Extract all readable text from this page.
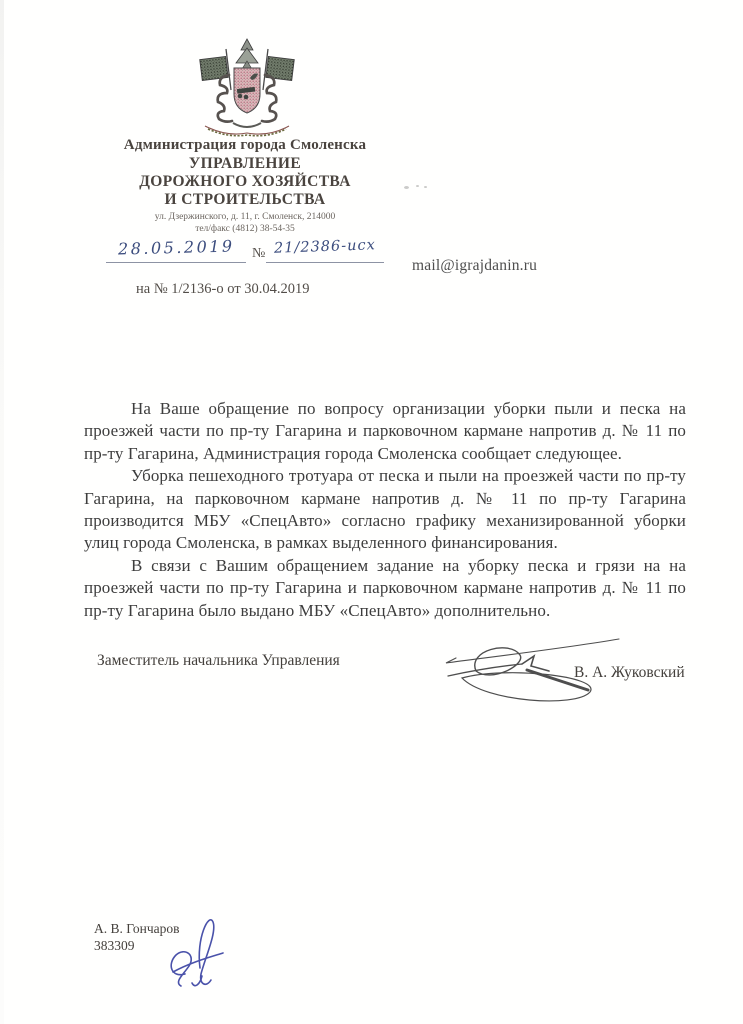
Администрация города Смоленска
УПРАВЛЕНИЕ
ДОРОЖНОГО ХОЗЯЙСТВА
И СТРОИТЕЛЬСТВА
ул. Дзержинского, д. 11, г. Смоленск, 214000
тел/факс (4812) 38-54-35
28.05.2019	№ 21/2386-исх
на № 1/2136-о от 30.04.2019
mail@igrajdanin.ru

На Ваше обращение по вопросу организации уборки пыли и песка на проезжей части по пр-ту Гагарина и парковочном кармане напротив д. № 11 по пр-ту Гагарина, Администрация города Смоленска сообщает следующее.

Уборка пешеходного тротуара от песка и пыли на проезжей части по пр-ту Гагарина, на парковочном кармане напротив д. № 11 по пр-ту Гагарина производится МБУ «СпецАвто» согласно графику механизированной уборки улиц города Смоленска, в рамках выделенного финансирования.

В связи с Вашим обращением задание на уборку песка и грязи на на проезжей части по пр-ту Гагарина и парковочном кармане напротив д. № 11 по пр-ту Гагарина было выдано МБУ «СпецАвто» дополнительно.

Заместитель начальника Управления
В. А. Жуковский
А. В. Гончаров
383309
